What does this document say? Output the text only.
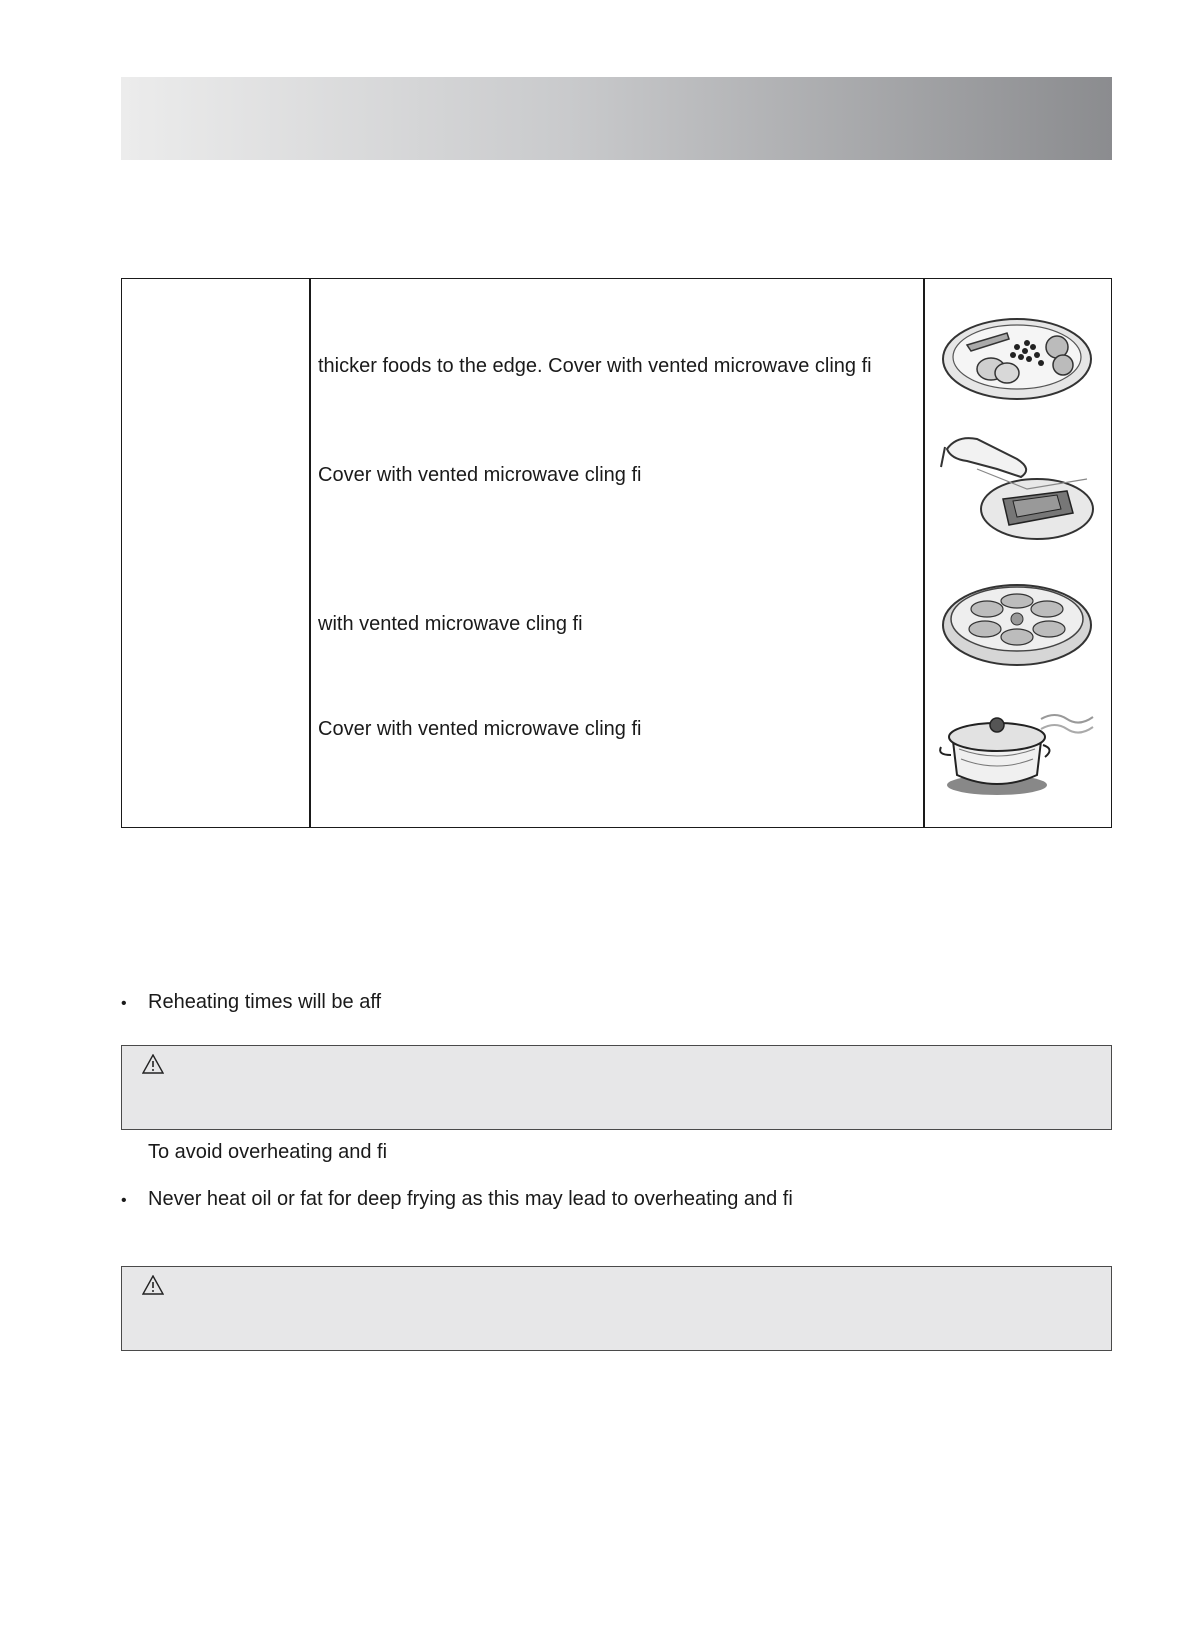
thicker foods to the edge. Cover with vented microwave cling fi
Cover with vented microwave cling fi
with vented microwave cling fi
Cover with vented microwave cling fi
• Reheating times will be aff
To avoid overheating and fi
• Never heat oil or fat for deep frying as this may lead to overheating and fi
